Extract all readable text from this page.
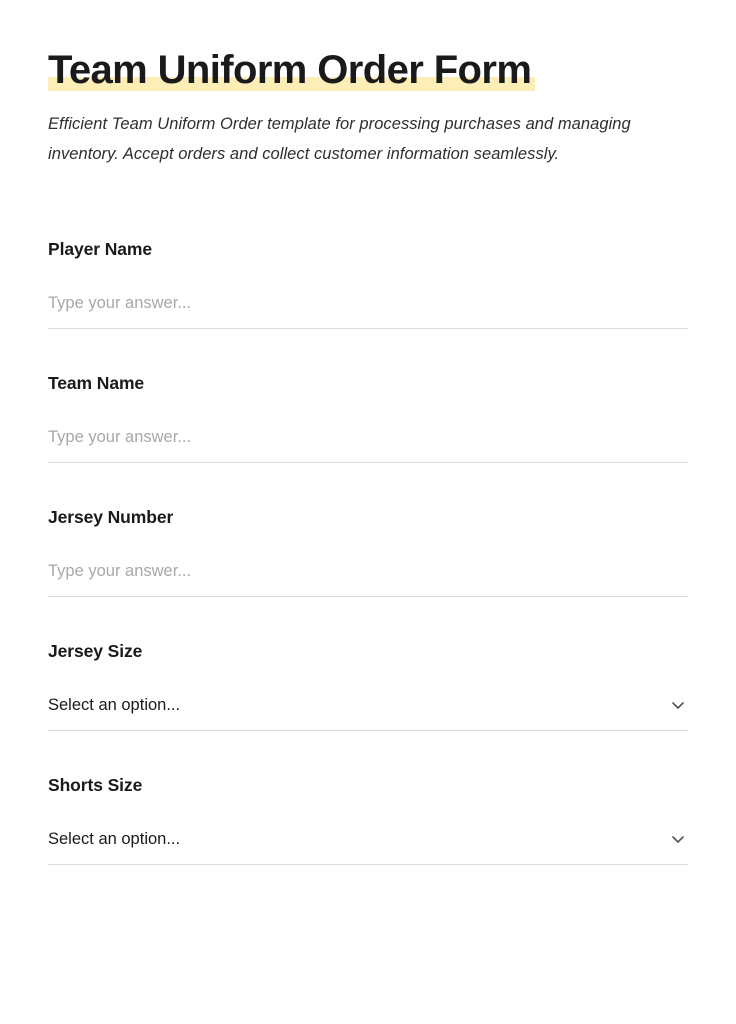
Team Uniform Order Form

Efficient Team Uniform Order template for processing purchases and managing inventory. Accept orders and collect customer information seamlessly.

Player Name
Type your answer...
Team Name
Type your answer...
Jersey Number
Type your answer...
Jersey Size
Select an option...
Shorts Size
Select an option...
